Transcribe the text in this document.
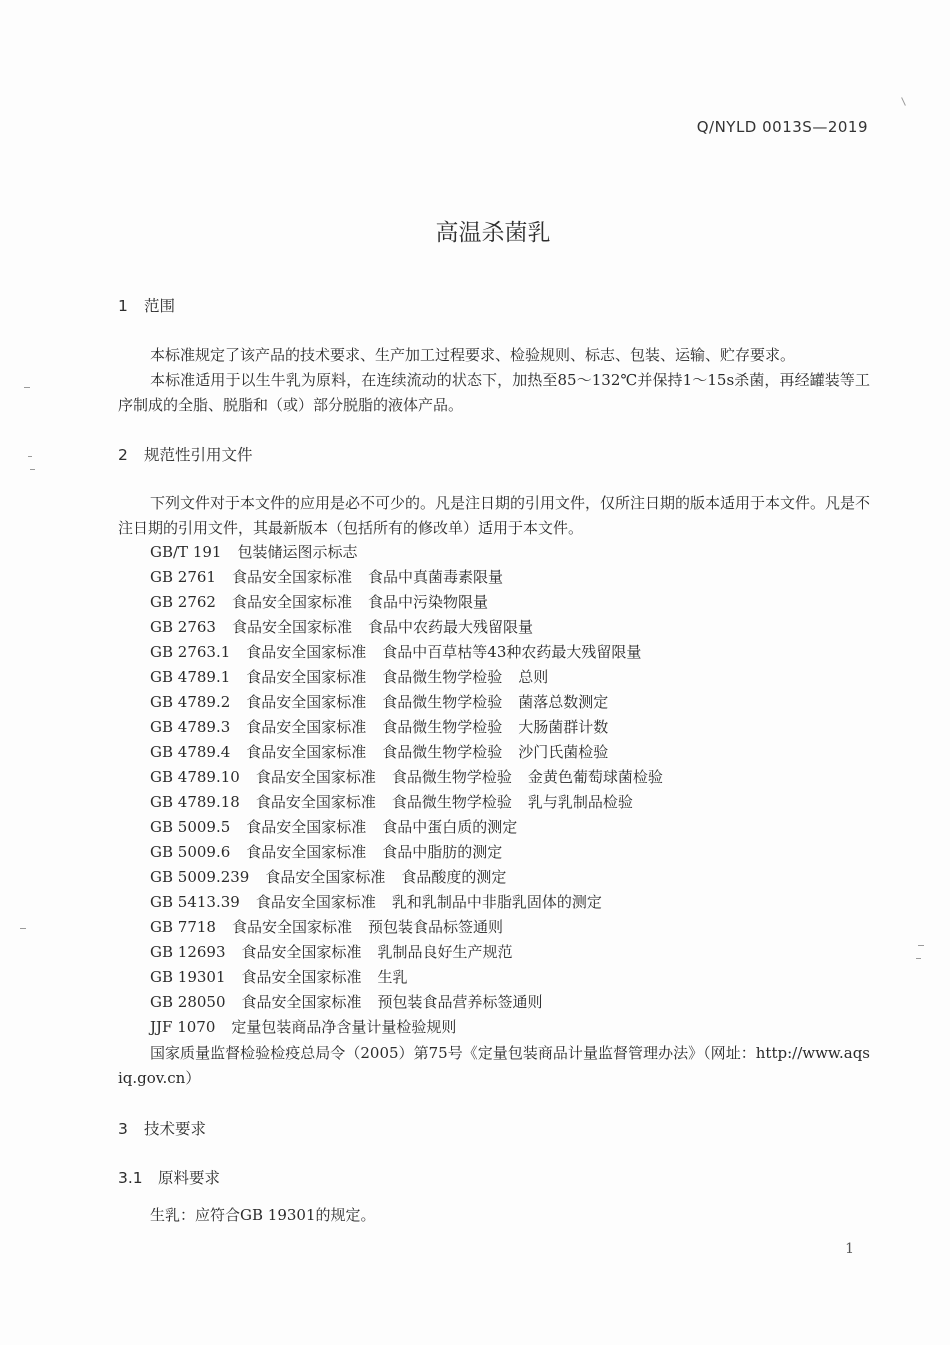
Q/NYLD 0013S—2019
高温杀菌乳
1 范围
本标准规定了该产品的技术要求、生产加工过程要求、检验规则、标志、包装、运输、贮存要求。
本标准适用于以生牛乳为原料，在连续流动的状态下，加热至85～132℃并保持1～15s杀菌，再经罐装等工序制成的全脂、脱脂和（或）部分脱脂的液体产品。
2 规范性引用文件
下列文件对于本文件的应用是必不可少的。凡是注日期的引用文件，仅所注日期的版本适用于本文件。凡是不注日期的引用文件，其最新版本（包括所有的修改单）适用于本文件。
GB/T 191 包装储运图示标志
GB 2761 食品安全国家标准 食品中真菌毒素限量
GB 2762 食品安全国家标准 食品中污染物限量
GB 2763 食品安全国家标准 食品中农药最大残留限量
GB 2763.1 食品安全国家标准 食品中百草枯等43种农药最大残留限量
GB 4789.1 食品安全国家标准 食品微生物学检验 总则
GB 4789.2 食品安全国家标准 食品微生物学检验 菌落总数测定
GB 4789.3 食品安全国家标准 食品微生物学检验 大肠菌群计数
GB 4789.4 食品安全国家标准 食品微生物学检验 沙门氏菌检验
GB 4789.10 食品安全国家标准 食品微生物学检验 金黄色葡萄球菌检验
GB 4789.18 食品安全国家标准 食品微生物学检验 乳与乳制品检验
GB 5009.5 食品安全国家标准 食品中蛋白质的测定
GB 5009.6 食品安全国家标准 食品中脂肪的测定
GB 5009.239 食品安全国家标准 食品酸度的测定
GB 5413.39 食品安全国家标准 乳和乳制品中非脂乳固体的测定
GB 7718 食品安全国家标准 预包装食品标签通则
GB 12693 食品安全国家标准 乳制品良好生产规范
GB 19301 食品安全国家标准 生乳
GB 28050 食品安全国家标准 预包装食品营养标签通则
JJF 1070 定量包装商品净含量计量检验规则
国家质量监督检验检疫总局令（2005）第75号《定量包装商品计量监督管理办法》（网址：http://www.aqsiq.gov.cn）
3 技术要求
3.1 原料要求
生乳：应符合GB 19301的规定。
1
